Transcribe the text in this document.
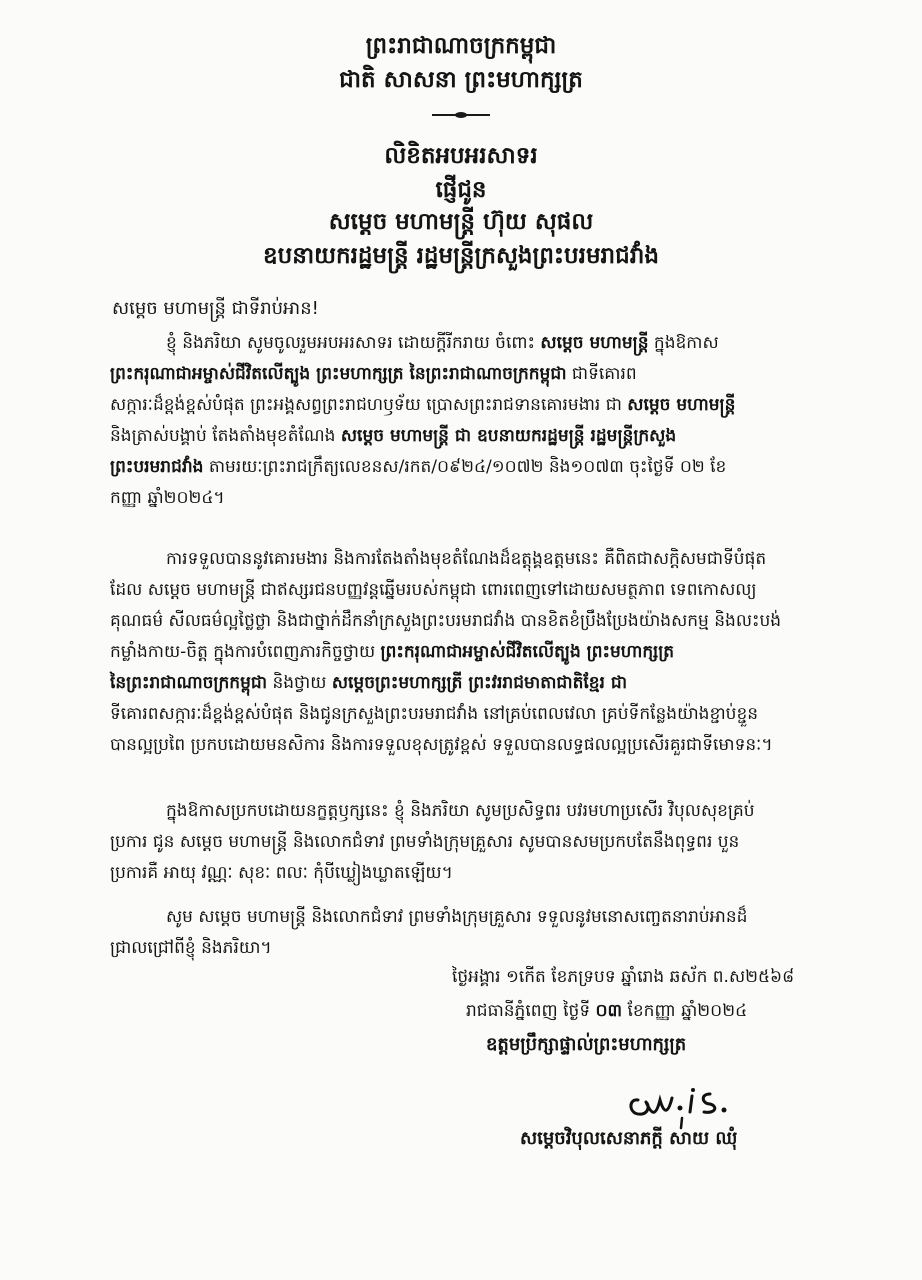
ព្រះរាជាណាចក្រកម្ពុជា
ជាតិ សាសនា ព្រះមហាក្សត្រ
លិខិតអបអរសាទរ
ផ្ញើជូន
សម្តេច មហាមន្ត្រី ហ៊ុយ សុផល
ឧបនាយករដ្ឋមន្ត្រី រដ្ឋមន្ត្រីក្រសួងព្រះបរមរាជវាំង
សម្តេច មហាមន្ត្រី ជាទីរាប់អាន!
ខ្ញុំ និងភរិយា សូមចូលរួមអបអរសាទរ ដោយក្តីរីករាយ ចំពោះ សម្តេច មហាមន្ត្រី ក្នុងឱកាស
ព្រះករុណាជាអម្ចាស់ជីវិតលើត្បូង ព្រះមហាក្សត្រ នៃព្រះរាជាណាចក្រកម្ពុជា ជាទីគោរព
សក្ការៈដ៏ខ្ពង់ខ្ពស់បំផុត ព្រះអង្គសព្វព្រះរាជហឫទ័យ ប្រោសព្រះរាជទានគោរមងារ ជា សម្តេច មហាមន្ត្រី
និងត្រាស់បង្គាប់ តែងតាំងមុខតំណែង សម្តេច មហាមន្ត្រី ជា ឧបនាយករដ្ឋមន្ត្រី រដ្ឋមន្ត្រីក្រសួង
ព្រះបរមរាជវាំង តាមរយៈព្រះរាជក្រឹត្យលេខនស/រកត/០៩២៤/១០៧២ និង១០៧៣ ចុះថ្ងៃទី ០២ ខែ
កញ្ញា ឆ្នាំ២០២៤។
ការទទួលបាននូវគោរមងារ និងការតែងតាំងមុខតំណែងដ៏ឧត្តុង្គឧត្តមនេះ គឺពិតជាសក្តិសមជាទីបំផុត
ដែល សម្តេច មហាមន្ត្រី ជាឥស្សរជនបញ្ញវន្តឆ្នើមរបស់កម្ពុជា ពោរពេញទៅដោយសមត្ថភាព ទេពកោសល្យ
គុណធម៌ សីលធម៌ល្អថ្លៃថ្លា និងជាថ្នាក់ដឹកនាំក្រសួងព្រះបរមរាជវាំង បានខិតខំប្រឹងប្រែងយ៉ាងសកម្ម និងលះបង់
កម្លាំងកាយ-ចិត្ត ក្នុងការបំពេញភារកិច្ចថ្វាយ ព្រះករុណាជាអម្ចាស់ជីវិតលើត្បូង ព្រះមហាក្សត្រ
នៃព្រះរាជាណាចក្រកម្ពុជា និងថ្វាយ សម្តេចព្រះមហាក្សត្រី ព្រះវររាជមាតាជាតិខ្មែរ ជា
ទីគោរពសក្ការៈដ៏ខ្ពង់ខ្ពស់បំផុត និងជូនក្រសួងព្រះបរមរាជវាំង នៅគ្រប់ពេលវេលា គ្រប់ទីកន្លែងយ៉ាងខ្ជាប់ខ្ជួន
បានល្អប្រពៃ ប្រកបដោយមនសិការ និងការទទួលខុសត្រូវខ្ពស់ ទទួលបានលទ្ធផលល្អប្រសើរគួរជាទីមោទនៈ។
ក្នុងឱកាសប្រកបដោយនក្ខត្តឫក្សនេះ ខ្ញុំ និងភរិយា សូមប្រសិទ្ធពរ បវរមហាប្រសើរ វិបុលសុខគ្រប់
ប្រការ ជូន សម្តេច មហាមន្ត្រី និងលោកជំទាវ ព្រមទាំងក្រុមគ្រួសារ សូមបានសមប្រកបតែនឹងពុទ្ធពរ បួន
ប្រការគឺ អាយុ វណ្ណៈ សុខៈ ពលៈ កុំបីឃ្លៀងឃ្លាតឡើយ។
សូម សម្តេច មហាមន្ត្រី និងលោកជំទាវ ព្រមទាំងក្រុមគ្រួសារ ទទួលនូវមនោសញ្ចេតនារាប់អានដ៏
ជ្រាលជ្រៅពីខ្ញុំ និងភរិយា។
ថ្ងៃអង្គារ ១កើត ខែភទ្របទ ឆ្នាំរោង ឆស័ក ព.ស២៥៦៨
រាជធានីភ្នំពេញ ថ្ងៃទី ០៣ ខែកញ្ញា ឆ្នាំ២០២៤
ឧត្តមប្រឹក្សាផ្ទាល់ព្រះមហាក្សត្រ
សម្តេចវិបុលសេនាភក្តី សាយ ឈុំ
